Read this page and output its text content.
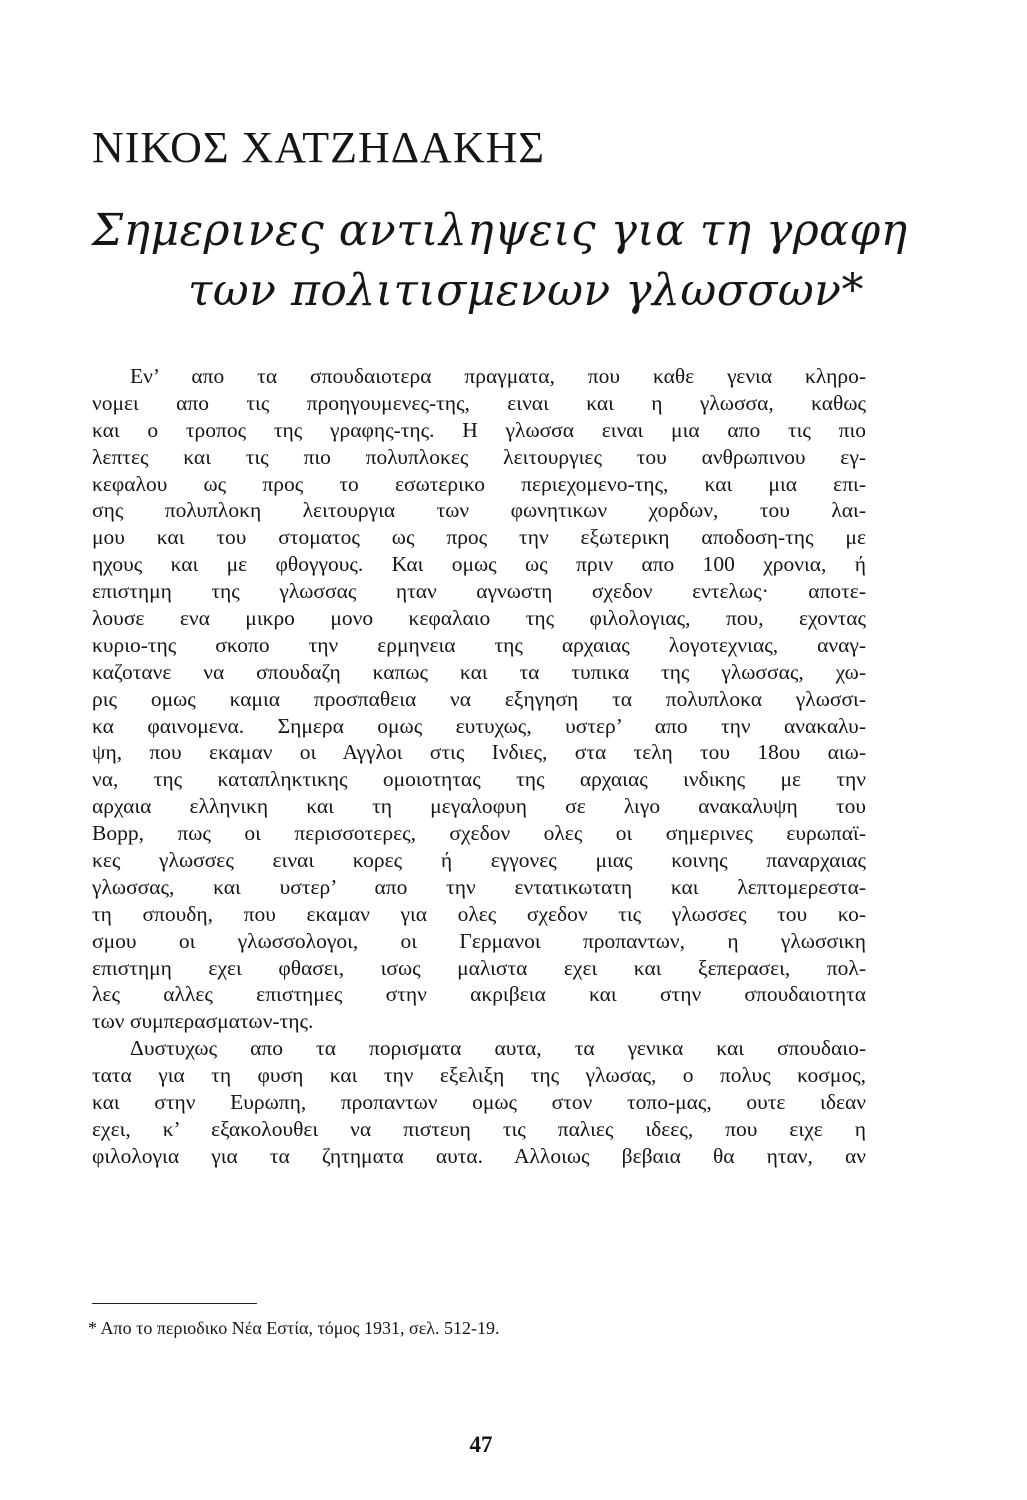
ΝΙΚΟΣ ΧΑΤΖΗΔΑΚΗΣ
Σημερινες αντιληψεις για τη γραφη
των πολιτισμενων γλωσσων*
Εν’ απο τα σπουδαιοτερα πραγματα, που καθε γενια κληρο-
νομει απο τις προηγουμενες-της, ειναι και η γλωσσα, καθως
και ο τροπος της γραφης-της. Η γλωσσα ειναι μια απο τις πιο
λεπτες και τις πιο πολυπλοκες λειτουργιες του ανθρωπινου εγ-
κεφαλου ως προς το εσωτερικο περιεχομενο-της, και μια επι-
σης πολυπλοκη λειτουργια των φωνητικων χορδων, του λαι-
μου και του στοματος ως προς την εξωτερικη αποδοση-της με
ηχους και με φθογγους. Και ομως ως πριν απο 100 χρονια, ή
επιστημη της γλωσσας ηταν αγνωστη σχεδον εντελως· αποτε-
λουσε ενα μικρο μονο κεφαλαιο της φιλολογιας, που, εχοντας
κυριο-της σκοπο την ερμηνεια της αρχαιας λογοτεχνιας, αναγ-
καζοτανε να σπουδαζη καπως και τα τυπικα της γλωσσας, χω-
ρις ομως καμια προσπαθεια να εξηγηση τα πολυπλοκα γλωσσι-
κα φαινομενα. Σημερα ομως ευτυχως, υστερ’ απο την ανακαλυ-
ψη, που εκαμαν οι Αγγλοι στις Ινδιες, στα τελη του 18ου αιω-
να, της καταπληκτικης ομοιοτητας της αρχαιας ινδικης με την
αρχαια ελληνικη και τη μεγαλοφυη σε λιγο ανακαλυψη του
Bopp, πως οι περισσοτερες, σχεδον ολες οι σημερινες ευρωπαϊ-
κες γλωσσες ειναι κορες ή εγγονες μιας κοινης παναρχαιας
γλωσσας, και υστερ’ απο την εντατικωτατη και λεπτομερεστα-
τη σπουδη, που εκαμαν για ολες σχεδον τις γλωσσες του κο-
σμου οι γλωσσολογοι, οι Γερμανοι προπαντων, η γλωσσικη
επιστημη εχει φθασει, ισως μαλιστα εχει και ξεπερασει, πολ-
λες αλλες επιστημες στην ακριβεια και στην σπουδαιοτητα
των συμπερασματων-της.
Δυστυχως απο τα πορισματα αυτα, τα γενικα και σπουδαιο-
τατα για τη φυση και την εξελιξη της γλωσας, ο πολυς κοσμος,
και στην Ευρωπη, προπαντων ομως στον τοπο-μας, ουτε ιδεαν
εχει, κ’ εξακολουθει να πιστευη τις παλιες ιδεες, που ειχε η
φιλολογια για τα ζητηματα αυτα. Αλλοιως βεβαια θα ηταν, αν
* Απο το περιοδικο Νέα Εστία, τόμος 1931, σελ. 512-19.
47
